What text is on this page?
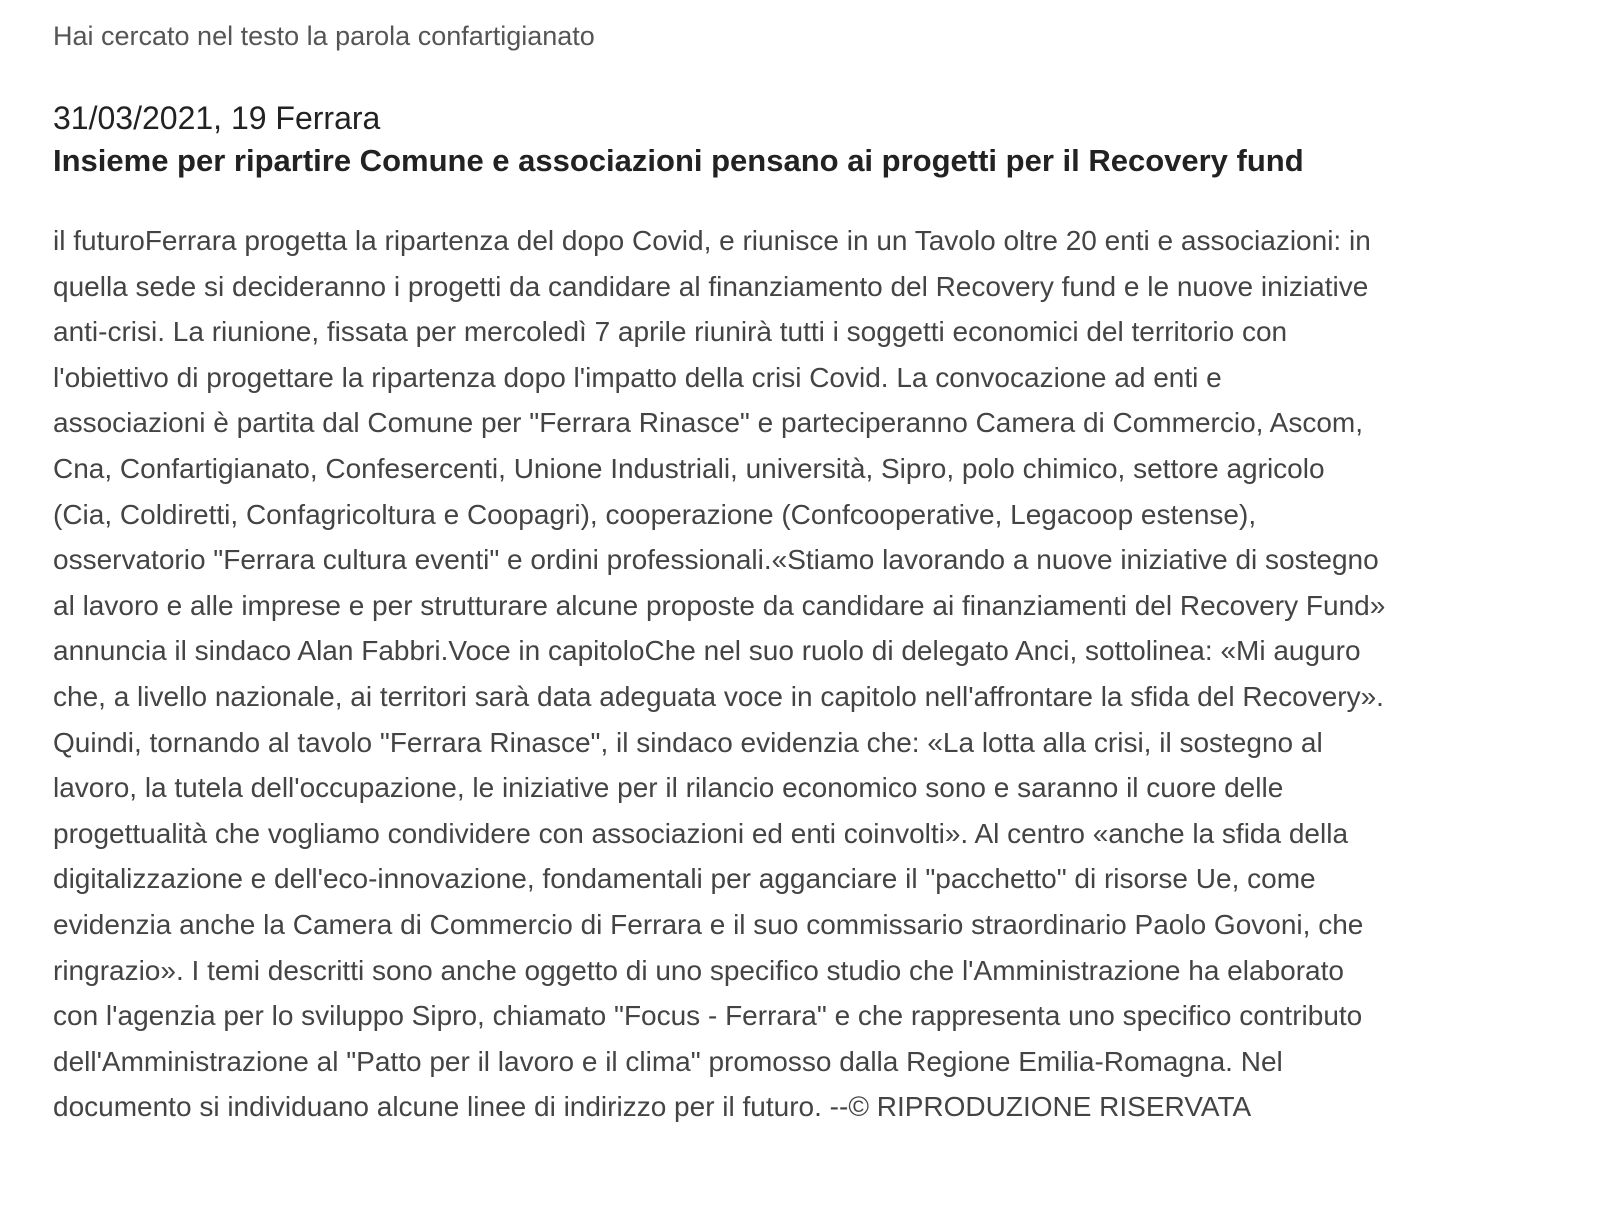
Hai cercato nel testo la parola confartigianato
31/03/2021, 19 Ferrara
Insieme per ripartire Comune e associazioni pensano ai progetti per il Recovery fund
il futuroFerrara progetta la ripartenza del dopo Covid, e riunisce in un Tavolo oltre 20 enti e associazioni: in
quella sede si decideranno i progetti da candidare al finanziamento del Recovery fund e le nuove iniziative
anti-crisi. La riunione, fissata per mercoledì 7 aprile riunirà tutti i soggetti economici del territorio con
l'obiettivo di progettare la ripartenza dopo l'impatto della crisi Covid. La convocazione ad enti e
associazioni è partita dal Comune per "Ferrara Rinasce" e parteciperanno Camera di Commercio, Ascom,
Cna, Confartigianato, Confesercenti, Unione Industriali, università, Sipro, polo chimico, settore agricolo
(Cia, Coldiretti, Confagricoltura e Coopagri), cooperazione (Confcooperative, Legacoop estense),
osservatorio "Ferrara cultura eventi" e ordini professionali.«Stiamo lavorando a nuove iniziative di sostegno
al lavoro e alle imprese e per strutturare alcune proposte da candidare ai finanziamenti del Recovery Fund»
annuncia il sindaco Alan Fabbri.Voce in capitoloChe nel suo ruolo di delegato Anci, sottolinea: «Mi auguro
che, a livello nazionale, ai territori sarà data adeguata voce in capitolo nell'affrontare la sfida del Recovery».
Quindi, tornando al tavolo "Ferrara Rinasce", il sindaco evidenzia che: «La lotta alla crisi, il sostegno al
lavoro, la tutela dell'occupazione, le iniziative per il rilancio economico sono e saranno il cuore delle
progettualità che vogliamo condividere con associazioni ed enti coinvolti». Al centro «anche la sfida della
digitalizzazione e dell'eco-innovazione, fondamentali per agganciare il "pacchetto" di risorse Ue, come
evidenzia anche la Camera di Commercio di Ferrara e il suo commissario straordinario Paolo Govoni, che
ringrazio». I temi descritti sono anche oggetto di uno specifico studio che l'Amministrazione ha elaborato
con l'agenzia per lo sviluppo Sipro, chiamato "Focus - Ferrara" e che rappresenta uno specifico contributo
dell'Amministrazione al "Patto per il lavoro e il clima" promosso dalla Regione Emilia-Romagna. Nel
documento si individuano alcune linee di indirizzo per il futuro. --© RIPRODUZIONE RISERVATA
